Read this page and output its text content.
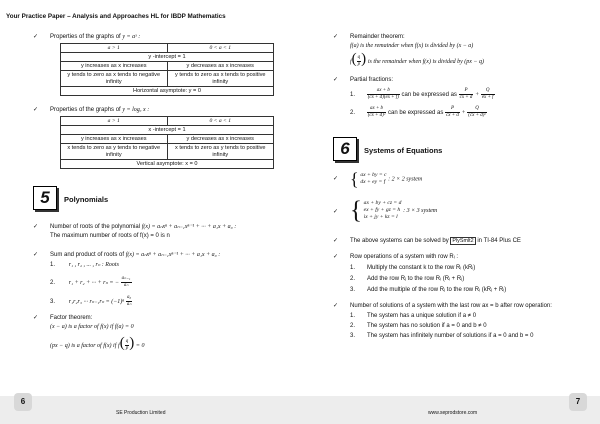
Your Practice Paper – Analysis and Approaches HL for IBDP Mathematics
✓ Properties of the graphs of y = aˣ :
a > 1	0 < a < 1
y -intercept = 1	
y increases as x increases	y decreases as x increases
y tends to zero as x tends to negative infinity	y tends to zero as x tends to positive infinity
Horizontal asymptote: y = 0	
✓ Properties of the graphs of y = logₐ x :
a > 1	0 < a < 1
x -intercept = 1	
y increases as x increases	y decreases as x increases
x tends to zero as y tends to negative infinity	x tends to zero as y tends to positive infinity
Vertical asymptote: x = 0	
5	Polynomials
✓ Number of roots of the polynomial f(x) = aₙxⁿ + aₙ₋₁xⁿ⁻¹ + ··· + a₁x + a₀ :
The maximum number of roots of f(x) = 0 is n
✓ Sum and product of roots of f(x) = aₙxⁿ + aₙ₋₁xⁿ⁻¹ + ··· + a₁x + a₀ :
1. r₁ , r₂ , ... , rₙ : Roots
2. r₁ + r₂ + ··· + rₙ = − $\frac{\text{aₙ₋₁}}{\text{aₙ}}$
3. r₁r₂r₃ ··· $r_{n-1}r_n = (-1)^n \frac{\text{a₀}}{\text{aₙ}}$
✓ Factor theorem:
(x − a) is a factor of f(x) if f(a) = 0
(px − q) is a factor of f(x) if $f( \frac{q}{p}$ ) = 0
✓ Remainder theorem:
f(a) is the remainder when f(x) is divided by (x − a)
$f( \frac{q}{p}$ ) is the remainder when f(x) is divided by (px − q)
✓ Partial fractions:
1. $\frac{ax + b}{(cx + d)(ex + f)}$ can be expressed as $\frac{P}{cx + d} + \frac{Q}{ex + f}$
2. $\frac{ax + b}{\text{(cx + d)²}}$ can be expressed as $\frac{P}{cx + d} + \frac{Q}{\text{(cx + d)²}}$
6	Systems of Equations
✓ { ax + by = c
dx + ey = f : 2 × 2 system
✓ { ax + by + cz = d
ex + fy + gz = h
ix + jy + kz = l
: 3 × 3 system
✓ The above systems can be solved by PlySmlt2 in TI-84 Plus CE
✓ Row operations of a system with row Rᵢ :
1. Multiply the constant k to the row Rᵢ (kRᵢ)
2. Add the row Rⱼ to the row Rᵢ (Rᵢ + Rⱼ)
3. Add the multiple of the row Rⱼ to the row Rᵢ (kRⱼ + Rᵢ)
✓ Number of solutions of a system with the last row ax = b after row operation:
1. The system has a unique solution if a ≠ 0
2. The system has no solution if a = 0 and b ≠ 0
3. The system has infinitely number of solutions if a = 0 and b = 0
6	7
SE Production Limited	www.seprodstore.com
